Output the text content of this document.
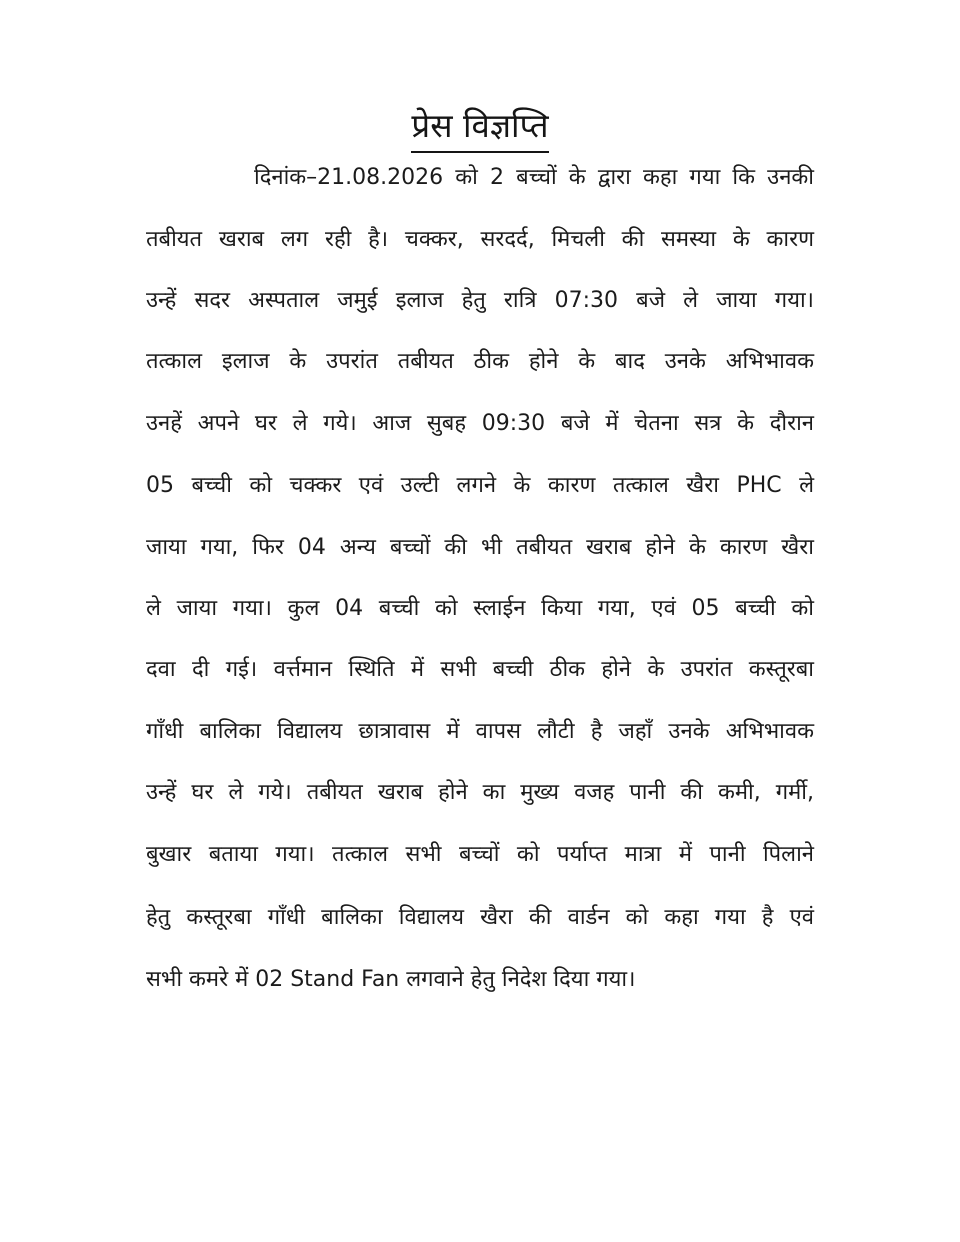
प्रेस विज्ञप्ति
दिनांक–21.08.2026 को 2 बच्चों के द्वारा कहा गया कि उनकी
तबीयत खराब लग रही है। चक्कर, सरदर्द, मिचली की समस्या के कारण
उन्हें सदर अस्पताल जमुई इलाज हेतु रात्रि 07:30 बजे ले जाया गया।
तत्काल इलाज के उपरांत तबीयत ठीक होने के बाद उनके अभिभावक
उनहें अपने घर ले गये। आज सुबह 09:30 बजे में चेतना सत्र के दौरान
05 बच्ची को चक्कर एवं उल्टी लगने के कारण तत्काल खैरा PHC ले
जाया गया, फिर 04 अन्य बच्चों की भी तबीयत खराब होने के कारण खैरा
ले जाया गया। कुल 04 बच्ची को स्लाईन किया गया, एवं 05 बच्ची को
दवा दी गई। वर्त्तमान स्थिति में सभी बच्ची ठीक होने के उपरांत कस्तूरबा
गाँधी बालिका विद्यालय छात्रावास में वापस लौटी है जहाँ उनके अभिभावक
उन्हें घर ले गये। तबीयत खराब होने का मुख्य वजह पानी की कमी, गर्मी,
बुखार बताया गया। तत्काल सभी बच्चों को पर्याप्त मात्रा में पानी पिलाने
हेतु कस्तूरबा गाँधी बालिका विद्यालय खैरा की वार्डन को कहा गया है एवं
सभी कमरे में 02 Stand Fan लगवाने हेतु निदेश दिया गया।
